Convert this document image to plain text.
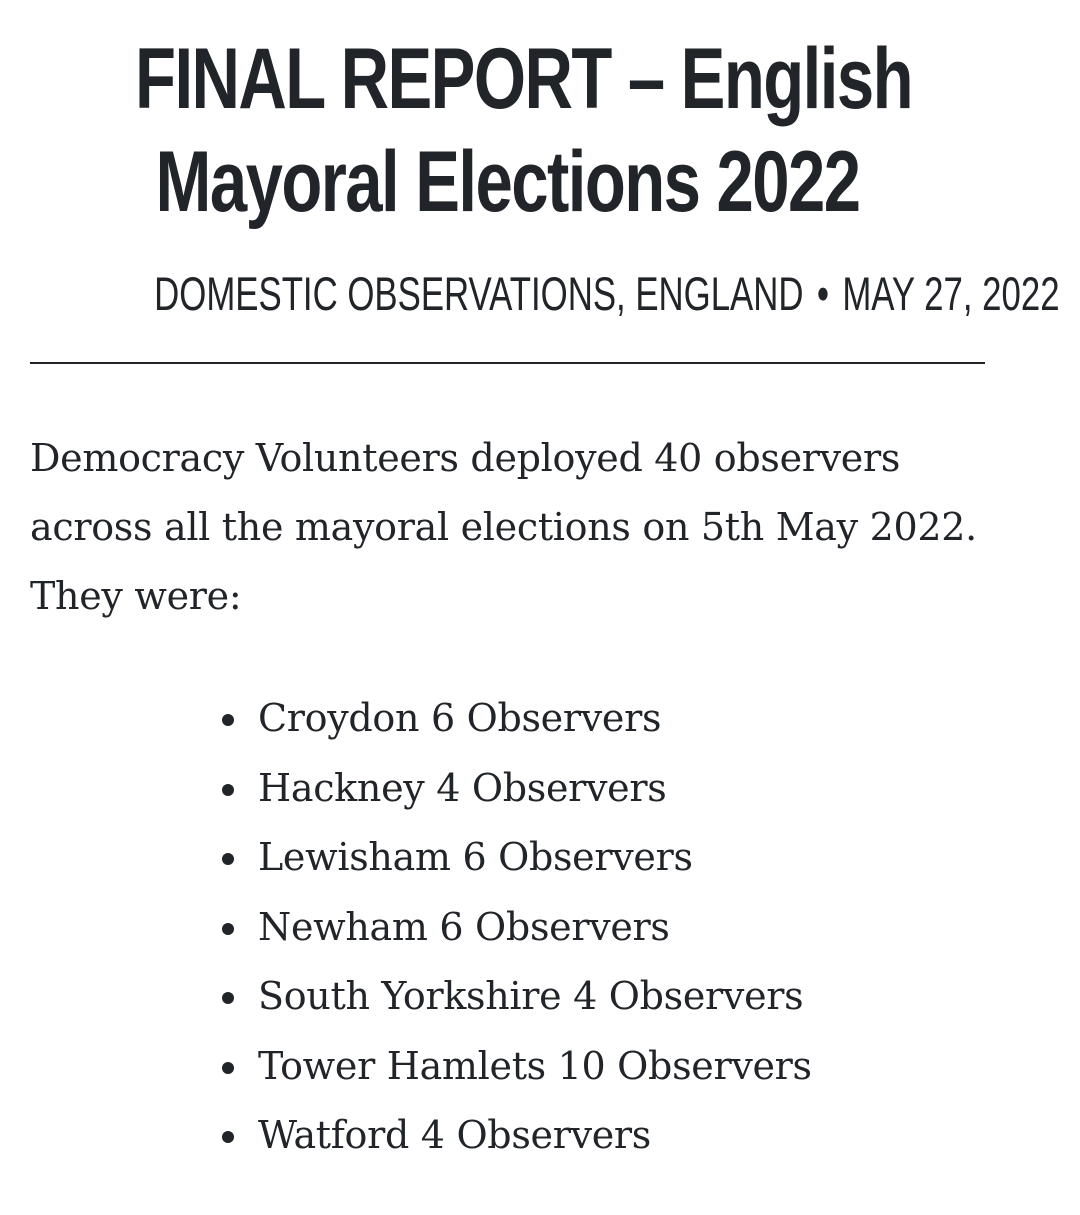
FINAL REPORT – English
Mayoral Elections 2022
DOMESTIC OBSERVATIONS, ENGLAND • MAY 27, 2022

Democracy Volunteers deployed 40 observers across all the mayoral elections on 5th May 2022. They were:

Croydon 6 Observers
Hackney 4 Observers
Lewisham 6 Observers
Newham 6 Observers
South Yorkshire 4 Observers
Tower Hamlets 10 Observers
Watford 4 Observers
